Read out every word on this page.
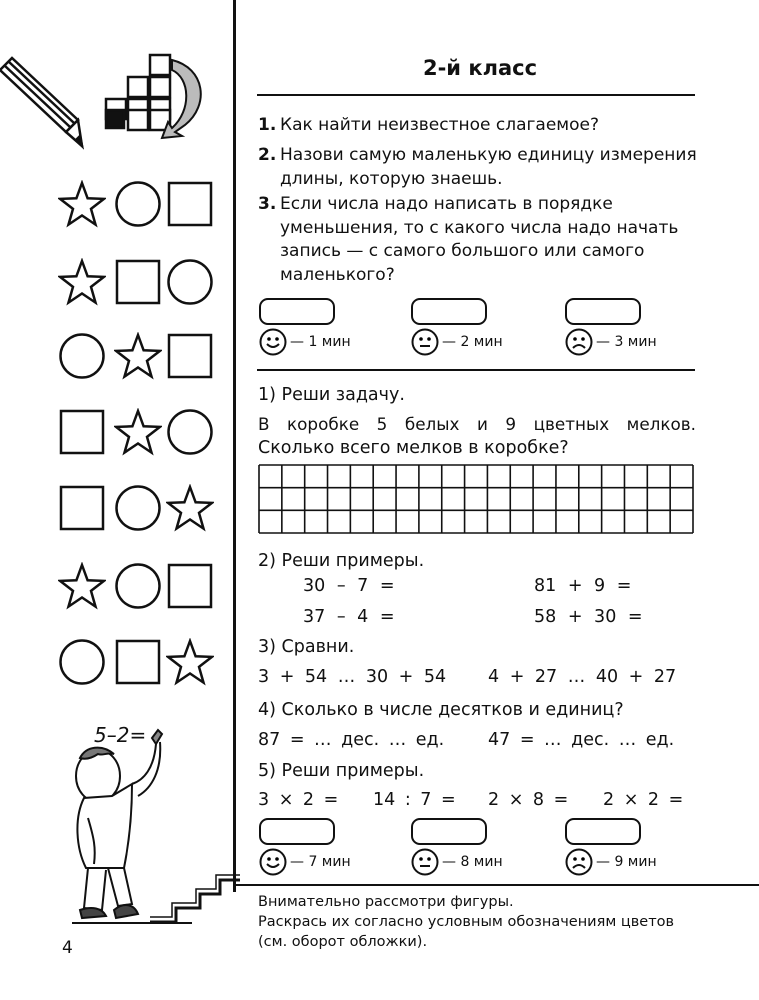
5–2=
2-й класс
1. Как найти неизвестное слагаемое?
2. Назови самую маленькую единицу измерения длины, которую знаешь.
3. Если числа надо написать в порядке уменьшения, то с какого числа надо начать запись — с самого большого или самого маленького?
— 1 мин	— 2 мин	— 3 мин
1) Реши задачу.
В коробке 5 белых и 9 цветных мелков.
Сколько всего мелков в коробке?
2) Реши примеры.
30 – 7 =	81 + 9 =
37 – 4 =	58 + 30 =
3) Сравни.
3 + 54 … 30 + 54 4 + 27 … 40 + 27
4) Сколько в числе десятков и единиц?
87 = … дес. … ед.	47 = … дес. … ед.
5) Реши примеры.
3 × 2 = 14 : 7 = 2 × 8 = 2 × 2 =
— 7 мин	— 8 мин	— 9 мин
Внимательно рассмотри фигуры.
Раскрась их согласно условным обозначениям цветов
(см. оборот обложки).
4
